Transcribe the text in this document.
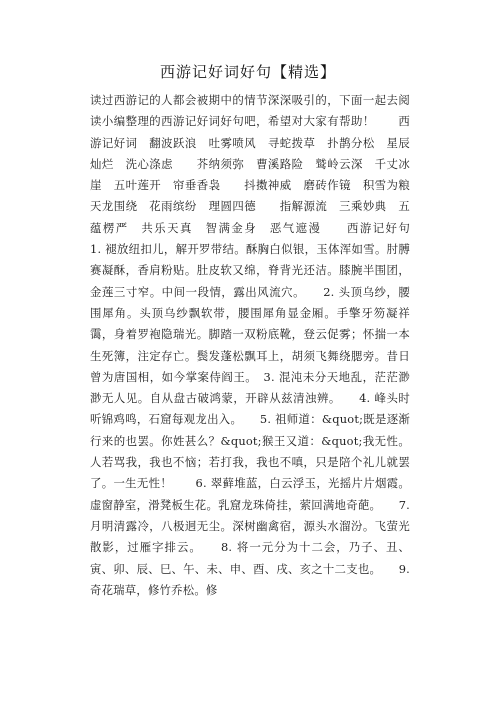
西游记好词好句【精选】
读过西游记的人都会被期中的情节深深吸引的，下面一起去阅读小编整理的西游记好词好句吧，希望对大家有帮助！　　西游记好词　翻波跃浪　吐雾喷风　寻蛇拨草　扑鹊分松　星辰灿烂　洗心涤虑　　芥纳须弥　曹溪路险　鹫岭云深　千丈冰崖　五叶莲开　帘垂香袅　　抖擞神威　磨砖作镜　积雪为粮　天龙围绕　花雨缤纷　理圆四德　　指解源流　三乘妙典　五蕴楞严　共乐天真　智满金身　恶气遮漫　　西游记好句　　1. 褪放纽扣儿，解开罗带结。酥胸白似银，玉体浑如雪。肘膊赛凝酥，香肩粉贴。肚皮软又绵，脊背光还洁。膝腕半围团，金莲三寸窄。中间一段情，露出风流穴。　　2. 头顶乌纱，腰围犀角。头顶乌纱飘软带，腰围犀角显金厢。手擎牙笏凝祥霭，身着罗袍隐瑞光。脚踏一双粉底靴，登云促雾；怀揣一本生死簿，注定存亡。鬓发蓬松飘耳上，胡须飞舞绕腮旁。昔日曾为唐国相，如今掌案侍阎王。　3. 混沌未分天地乱，茫茫渺渺无人见。自从盘古破鸿蒙，开辟从兹清浊辨。　　4. 峰头时听锦鸡鸣，石窟每观龙出入。　　5. 祖师道：&quot;既是逐渐行来的也罢。你姓甚么？&quot;猴王又道：&quot;我无性。人若骂我，我也不恼；若打我，我也不嗔，只是陪个礼儿就罢了。一生无性！　　6. 翠藓堆蓝，白云浮玉，光摇片片烟霞。虚窗静室，滑凳板生花。乳窟龙珠倚挂，萦回满地奇葩。　　7. 月明清露冷，八极迥无尘。深树幽禽宿，源头水溜汾。飞萤光散影，过雁字排云。　　8. 将一元分为十二会，乃子、丑、寅、卯、辰、巳、午、未、申、酉、戌、亥之十二支也。　　9. 奇花瑞草，修竹乔松。修
